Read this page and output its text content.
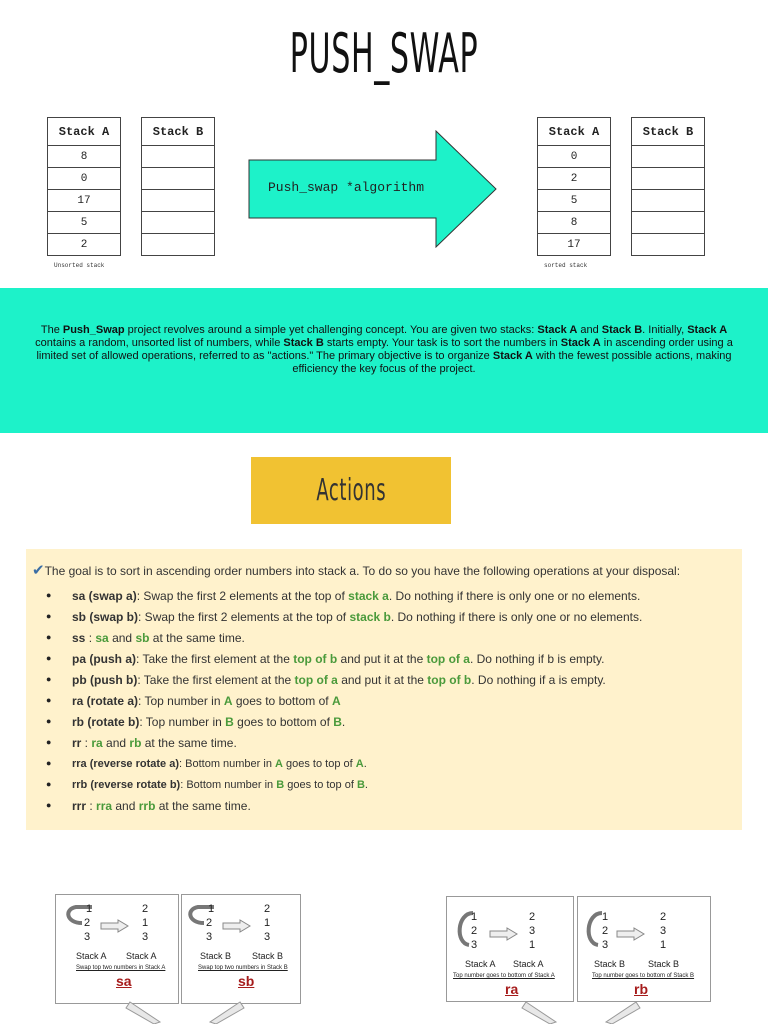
PUSH_SWAP
Stack A
8
0
17
5
2
Stack B

Unsorted stack
Push_swap *algorithm
Stack A
0
2
5
8
17
Stack B

sorted stack

The Push_Swap project revolves around a simple yet challenging concept. You are given two stacks: Stack A and Stack B. Initially, Stack A contains a random, unsorted list of numbers, while Stack B starts empty. Your task is to sort the numbers in Stack A in ascending order using a limited set of allowed operations, referred to as "actions." The primary objective is to organize Stack A with the fewest possible actions, making efficiency the key focus of the project.

Actions
✔The goal is to sort in ascending order numbers into stack a. To do so you have the following operations at your disposal:
● sa (swap a): Swap the first 2 elements at the top of stack a. Do nothing if there is only one or no elements.
● sb (swap b): Swap the first 2 elements at the top of stack b. Do nothing if there is only one or no elements.
● ss : sa and sb at the same time.
● pa (push a): Take the first element at the top of b and put it at the top of a. Do nothing if b is empty.
● pb (push b): Take the first element at the top of a and put it at the top of b. Do nothing if a is empty.
● ra (rotate a): Top number in A goes to bottom of A
● rb (rotate b): Top number in B goes to bottom of B.
● rr : ra and rb at the same time.
● rra (reverse rotate a): Bottom number in A goes to top of A.
● rrb (reverse rotate b): Bottom number in B goes to top of B.
● rrr : rra and rrb at the same time.
1
2
3
2
1
3
Stack A Stack A
Swap top two numbers in Stack A
sa
1
2
3
2
1
3
Stack B Stack B
Swap top two numbers in Stack B
sb
1
2
3
2
3
1
Stack A Stack A
Top number goes to bottom of Stack A
ra
1
2
3
2
3
1
Stack B	Stack B
Top number goes to bottom of Stack B
rb
